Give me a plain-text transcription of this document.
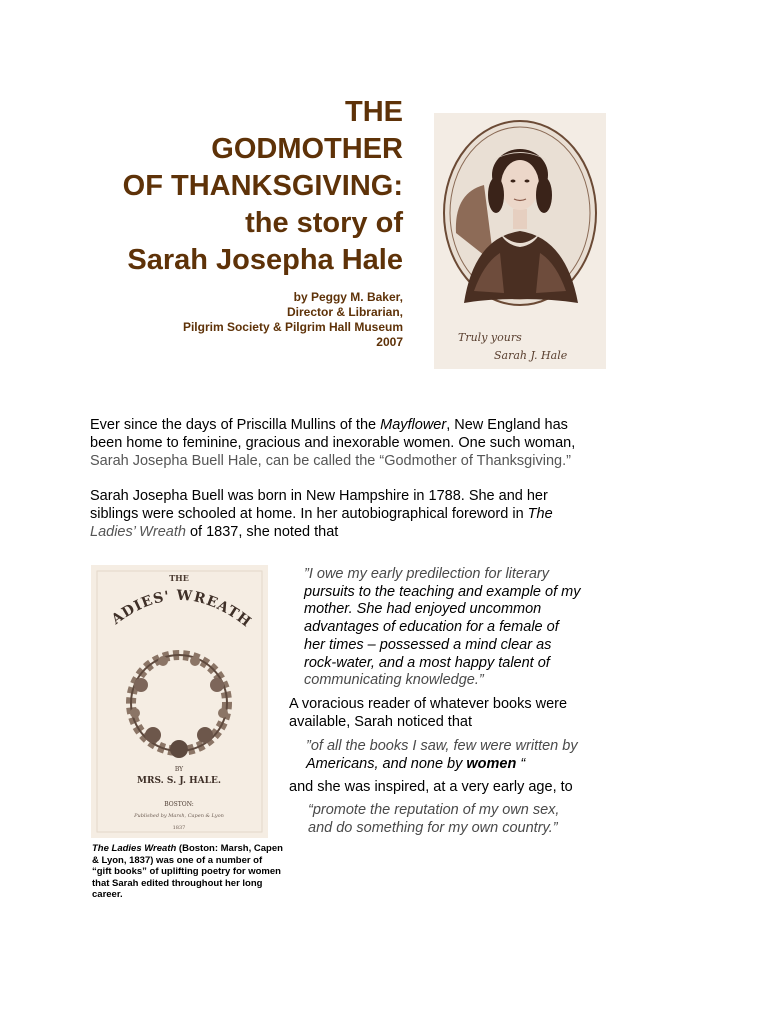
THE
GODMOTHER
OF THANKSGIVING:
the story of
Sarah Josepha Hale
by Peggy M. Baker,
Director & Librarian,
Pilgrim Society & Pilgrim Hall Museum
2007	Truly yours
Sarah J. Hale
Ever since the days of Priscilla Mullins of the Mayflower, New England has
been home to feminine, gracious and inexorable women. One such woman,
Sarah Josepha Buell Hale, can be called the “Godmother of Thanksgiving.”
Sarah Josepha Buell was born in New Hampshire in 1788. She and her
siblings were schooled at home. In her autobiographical foreword in The
Ladies’ Wreath of 1837, she noted that
THE
ADIES' WREATH
BY
MRS. S. J. HALE.
BOSTON:
Published by Marsh, Capen & Lyon
1837
The Ladies Wreath (Boston: Marsh, Capen
& Lyon, 1837) was one of a number of
“gift books” of uplifting poetry for women
that Sarah edited throughout her long
career.
”I owe my early predilection for literary
pursuits to the teaching and example of my
mother. She had enjoyed uncommon
advantages of education for a female of
her times – possessed a mind clear as
rock-water, and a most happy talent of
communicating knowledge.”
A voracious reader of whatever books were
available, Sarah noticed that
”of all the books I saw, few were written by
Americans, and none by women “
and she was inspired, at a very early age, to
“promote the reputation of my own sex,
and do something for my own country.”
